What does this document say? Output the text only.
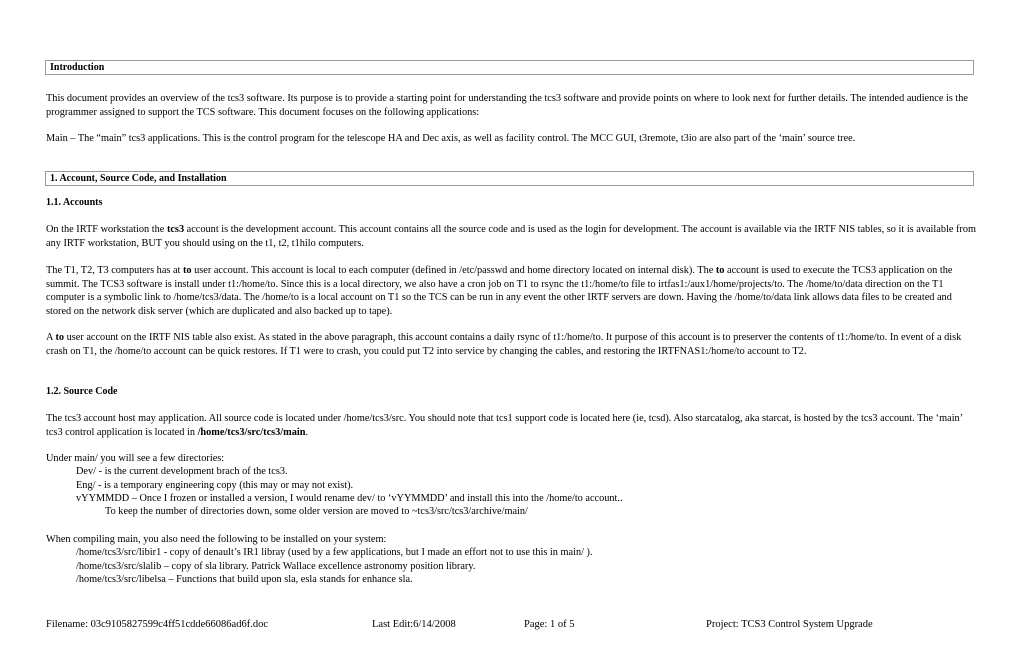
Introduction

This document provides an overview of the tcs3 software. Its purpose is to provide a starting point for understanding the tcs3 software and provide points on where to look next for further details. The intended audience is the programmer assigned to support the TCS software. This document focuses on the following applications:

Main – The “main” tcs3 applications. This is the control program for the telescope HA and Dec axis, as well as facility control. The MCC GUI, t3remote, t3io are also part of the ‘main’ source tree.

1. Account, Source Code, and Installation
1.1. Accounts

On the IRTF workstation the tcs3 account is the development account. This account contains all the source code and is used as the login for development. The account is available via the IRTF NIS tables, so it is available from any IRTF workstation, BUT you should using on the t1, t2, t1hilo computers.

The T1, T2, T3 computers has at to user account. This account is local to each computer (defined in /etc/passwd and home directory located on internal disk). The to account is used to execute the TCS3 application on the summit. The TCS3 software is install under t1:/home/to. Since this is a local directory, we also have a cron job on T1 to rsync the t1:/home/to file to irtfas1:/aux1/home/projects/to. The /home/to/data direction on the T1 computer is a symbolic link to /home/tcs3/data. The /home/to is a local account on T1 so the TCS can be run in any event the other IRTF servers are down. Having the /home/to/data link allows data files to be created and stored on the network disk server (which are duplicated and also backed up to tape).

A to user account on the IRTF NIS table also exist. As stated in the above paragraph, this account contains a daily rsync of t1:/home/to. It purpose of this account is to preserver the contents of t1:/home/to. In event of a disk crash on T1, the /home/to account can be quick restores. If T1 were to crash, you could put T2 into service by changing the cables, and restoring the IRTFNAS1:/home/to account to T2.

1.2. Source Code

The tcs3 account host may application. All source code is located under /home/tcs3/src. You should note that tcs1 support code is located here (ie, tcsd). Also starcatalog, aka starcat, is hosted by the tcs3 account. The ‘main’ tcs3 control application is located in /home/tcs3/src/tcs3/main.

Under main/ you will see a few directories:

Dev/ - is the current development brach of the tcs3.
Eng/ - is a temporary engineering copy (this may or may not exist).
vYYMMDD – Once I frozen or installed a version, I would rename dev/ to ‘vYYMMDD’ and install this into the /home/to account..
To keep the number of directories down, some older version are moved to ~tcs3/src/tcs3/archive/main/

When compiling main, you also need the following to be installed on your system:

/home/tcs3/src/libir1 - copy of denault’s IR1 libray (used by a few applications, but I made an effort not to use this in main/ ).
/home/tcs3/src/slalib – copy of sla library. Patrick Wallace excellence astronomy position library.
/home/tcs3/src/libelsa – Functions that build upon sla, esla stands for enhance sla.
Filename: 03c9105827599c4ff51cdde66086ad6f.doc	Last Edit:6/14/2008	Page: 1 of 5	Project: TCS3 Control System Upgrade
